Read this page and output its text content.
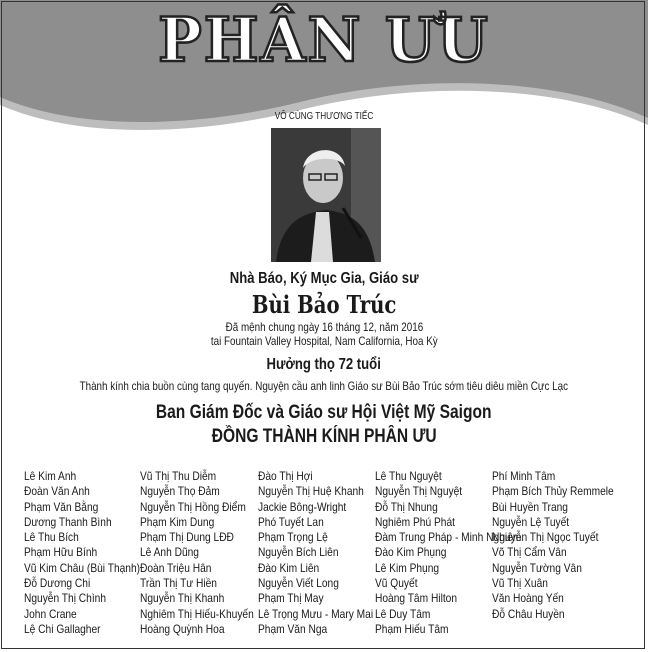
PHÂN ƯU
VÔ CÙNG THƯƠNG TIẾC
Nhà Báo, Ký Mục Gia, Giáo sư
Bùi Bảo Trúc
Đã mệnh chung ngày 16 tháng 12, năm 2016
tai Fountain Valley Hospital, Nam California, Hoa Kỳ
Hưởng thọ 72 tuổi
Thành kính chia buồn cùng tang quyến. Nguyện cầu anh linh Giáo sư Bùi Bảo Trúc sớm tiêu diêu miền Cực Lạc
Ban Giám Đốc và Giáo sư Hội Việt Mỹ Saigon
ĐỒNG THÀNH KÍNH PHÂN ƯU
Lê Kim Anh
Đoàn Văn Anh
Phạm Văn Bằng
Dương Thanh Bình
Lê Thu Bích
Phạm Hữu Bính
Vũ Kim Châu (Bùi Thạnh)
Đỗ Dương Chi
Nguyễn Thị Chình
John Crane
Lệ Chi Gallagher
Vũ Thị Thu Diễm
Nguyễn Thọ Đảm
Nguyễn Thị Hồng Điểm
Phạm Kim Dung
Phạm Thị Dung LĐĐ
Lê Anh Dũng
Đoàn Triệu Hân
Trần Thị Tư Hiền
Nguyễn Thị Khanh
Nghiêm Thị Hiếu-Khuyến
Hoàng Quỳnh Hoa
Đào Thị Hợi
Nguyễn Thị Huệ Khanh
Jackie Bông-Wright
Phó Tuyết Lan
Phạm Trọng Lệ
Nguyễn Bích Liên
Đào Kim Liên
Nguyễn Viết Long
Phạm Thị May
Lê Trọng Mưu - Mary Mai
Phạm Văn Nga
Lê Thu Nguyệt
Nguyễn Thị Nguyệt
Đỗ Thị Nhung
Nghiêm Phú Phát
Đàm Trung Pháp - Minh Nghiêm
Đào Kim Phụng
Lê Kim Phụng
Vũ Quyết
Hoàng Tâm Hilton
Lê Duy Tâm
Phạm Hiếu Tâm
Phí Minh Tâm
Phạm Bích Thủy Remmele
Bùi Huyền Trang
Nguyễn Lệ Tuyết
Nguyễn Thị Ngọc Tuyết
Võ Thị Cẩm Vân
Nguyễn Tường Vân
Vũ Thị Xuân
Văn Hoàng Yến
Đỗ Châu Huyền
